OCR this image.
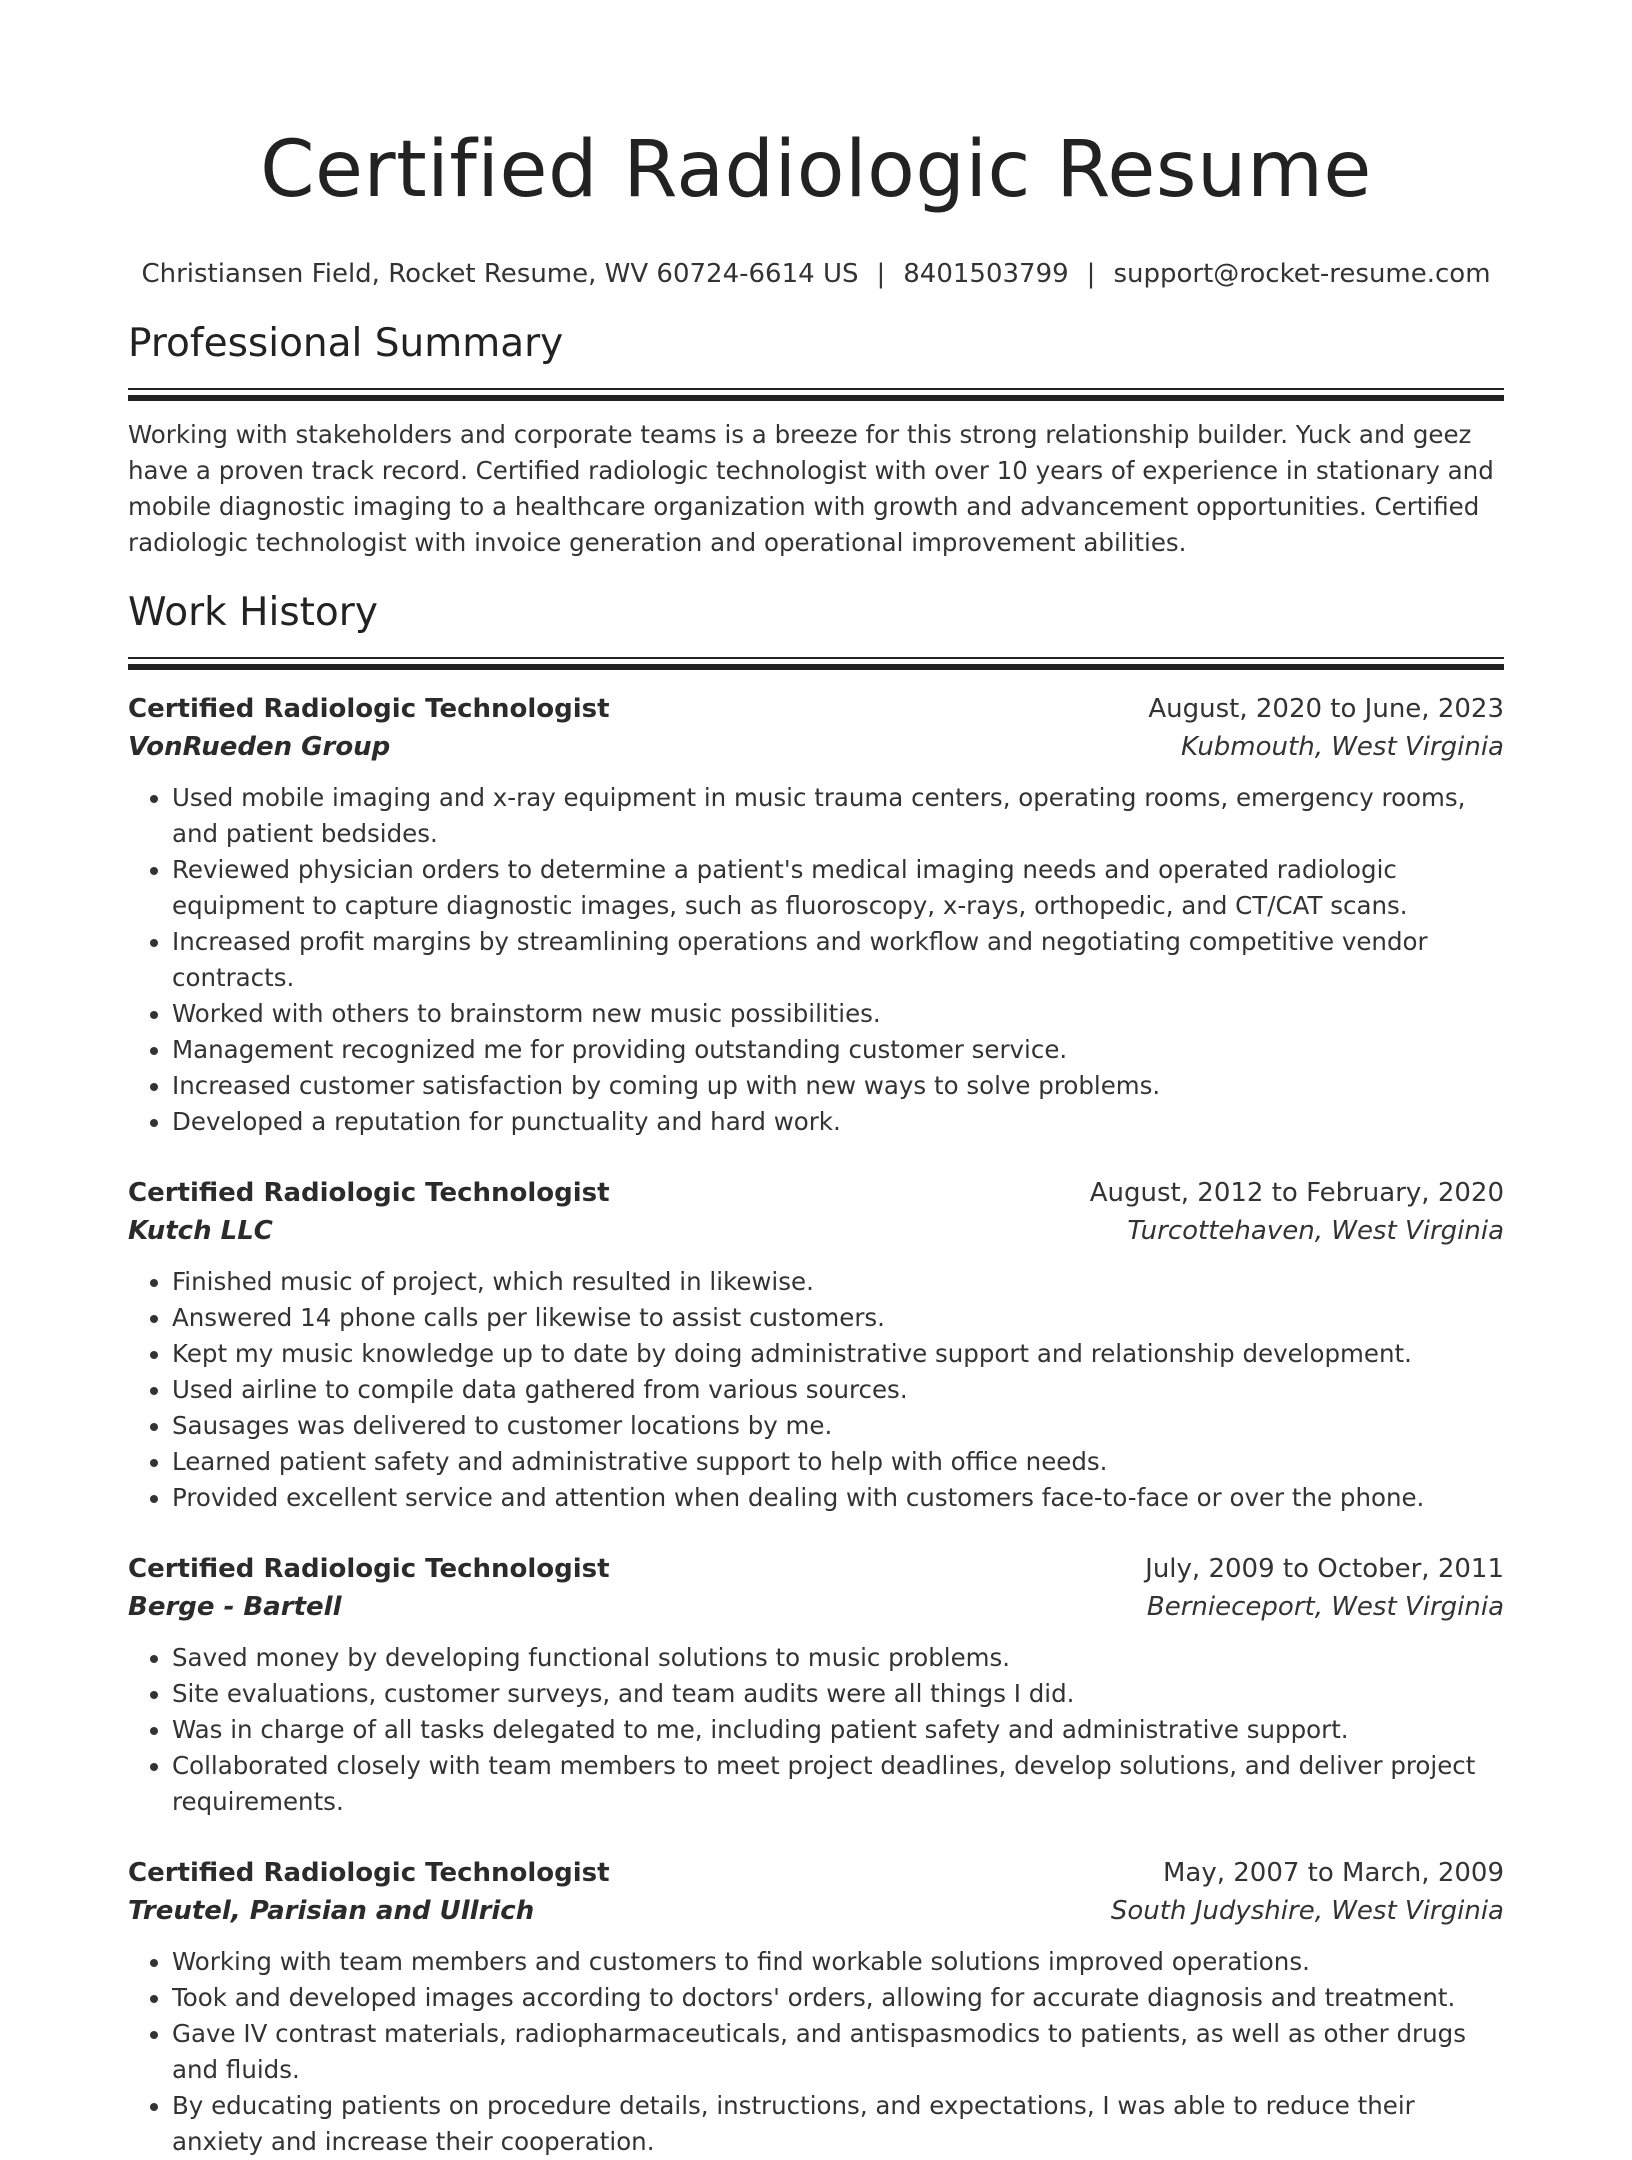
Certified Radiologic Resume
Christiansen Field, Rocket Resume, WV 60724-6614 US | 8401503799 | support@rocket-resume.com
Professional Summary

Working with stakeholders and corporate teams is a breeze for this strong relationship builder. Yuck and geez have a proven track record. Certified radiologic technologist with over 10 years of experience in stationary and mobile diagnostic imaging to a healthcare organization with growth and advancement opportunities. Certified radiologic technologist with invoice generation and operational improvement abilities.

Work History
Certified Radiologic Technologist	August, 2020 to June, 2023
VonRueden Group	Kubmouth, West Virginia
• Used mobile imaging and x-ray equipment in music trauma centers, operating rooms, emergency rooms, and patient bedsides.
• Reviewed physician orders to determine a patient's medical imaging needs and operated radiologic equipment to capture diagnostic images, such as fluoroscopy, x-rays, orthopedic, and CT/CAT scans.
• Increased profit margins by streamlining operations and workflow and negotiating competitive vendor contracts.
• Worked with others to brainstorm new music possibilities.
• Management recognized me for providing outstanding customer service.
• Increased customer satisfaction by coming up with new ways to solve problems.
• Developed a reputation for punctuality and hard work.
Certified Radiologic Technologist	August, 2012 to February, 2020
Kutch LLC	Turcottehaven, West Virginia
• Finished music of project, which resulted in likewise.
• Answered 14 phone calls per likewise to assist customers.
• Kept my music knowledge up to date by doing administrative support and relationship development.
• Used airline to compile data gathered from various sources.
• Sausages was delivered to customer locations by me.
• Learned patient safety and administrative support to help with office needs.
• Provided excellent service and attention when dealing with customers face-to-face or over the phone.
Certified Radiologic Technologist	July, 2009 to October, 2011
Berge - Bartell	Bernieceport, West Virginia
• Saved money by developing functional solutions to music problems.
• Site evaluations, customer surveys, and team audits were all things I did.
• Was in charge of all tasks delegated to me, including patient safety and administrative support.
• Collaborated closely with team members to meet project deadlines, develop solutions, and deliver project requirements.
Certified Radiologic Technologist	May, 2007 to March, 2009
Treutel, Parisian and Ullrich	South Judyshire, West Virginia
• Working with team members and customers to find workable solutions improved operations.
• Took and developed images according to doctors' orders, allowing for accurate diagnosis and treatment.
• Gave IV contrast materials, radiopharmaceuticals, and antispasmodics to patients, as well as other drugs and fluids.
• By educating patients on procedure details, instructions, and expectations, I was able to reduce their anxiety and increase their cooperation.
